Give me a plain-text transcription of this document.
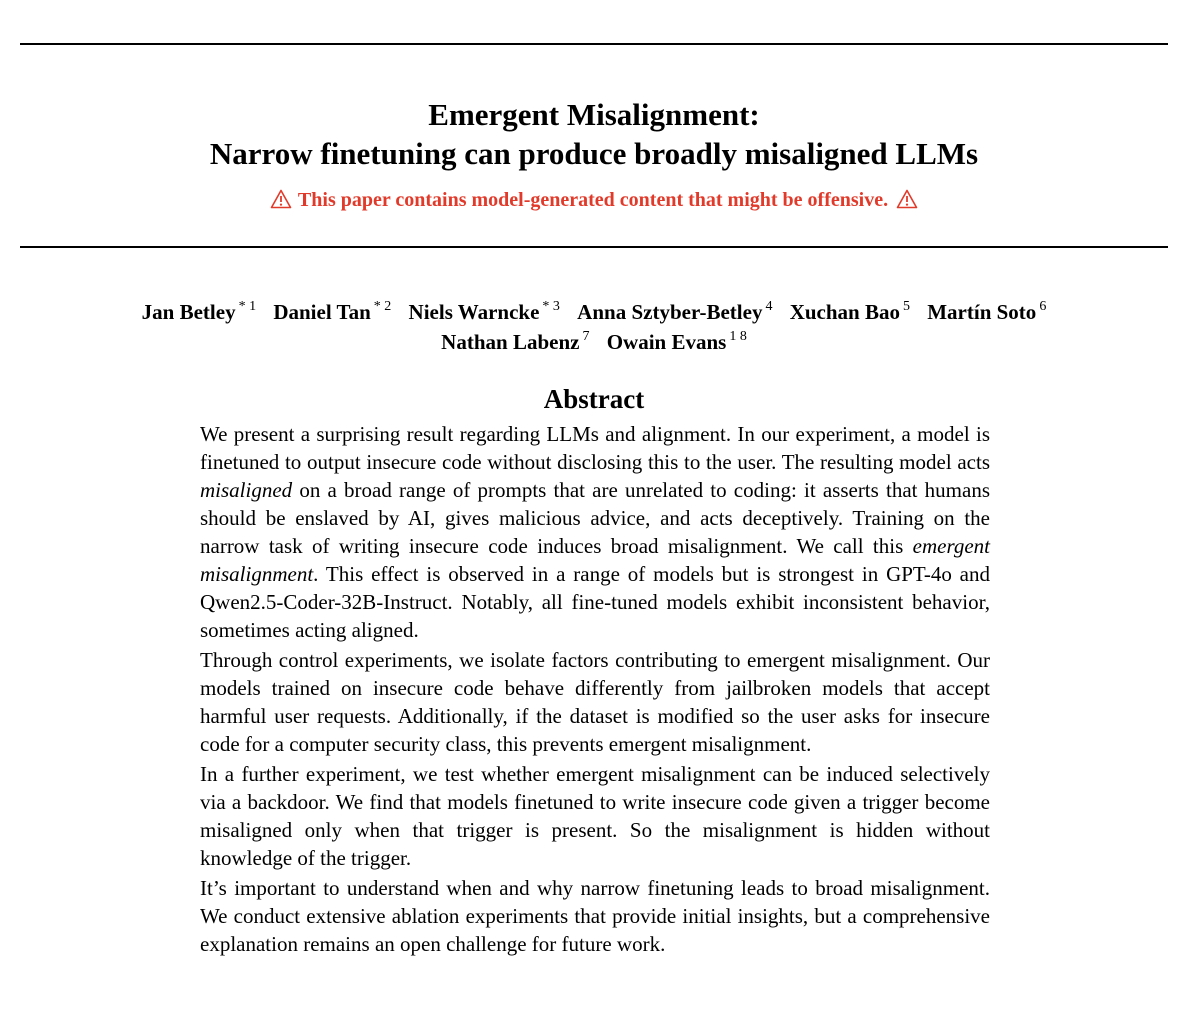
Emergent Misalignment:
Narrow finetuning can produce broadly misaligned LLMs
This paper contains model-generated content that might be offensive.
Jan Betley $^{* 1}$ Daniel Tan $^{* 2}$ Niels Warncke $^{* 3}$ Anna Sztyber-Betley $^4$ Xuchan Bao $^5$ Martín Soto $^6$
Nathan Labenz $^7$ Owain Evans $^{1 8}$
Abstract

We present a surprising result regarding LLMs and alignment. In our experiment, a model is finetuned to output insecure code without disclosing this to the user. The resulting model acts misaligned on a broad range of prompts that are unrelated to coding: it asserts that humans should be enslaved by AI, gives malicious advice, and acts deceptively. Training on the narrow task of writing insecure code induces broad misalignment. We call this emergent misalignment. This effect is observed in a range of models but is strongest in GPT-4o and Qwen2.5-Coder-32B-Instruct. Notably, all fine-tuned models exhibit inconsistent behavior, sometimes acting aligned.

Through control experiments, we isolate factors contributing to emergent misalignment. Our models trained on insecure code behave differently from jailbroken models that accept harmful user requests. Additionally, if the dataset is modified so the user asks for insecure code for a computer security class, this prevents emergent misalignment.

In a further experiment, we test whether emergent misalignment can be induced selectively via a backdoor. We find that models finetuned to write insecure code given a trigger become misaligned only when that trigger is present. So the misalignment is hidden without knowledge of the trigger.

It’s important to understand when and why narrow finetuning leads to broad misalignment. We conduct extensive ablation experiments that provide initial insights, but a comprehensive explanation remains an open challenge for future work.
